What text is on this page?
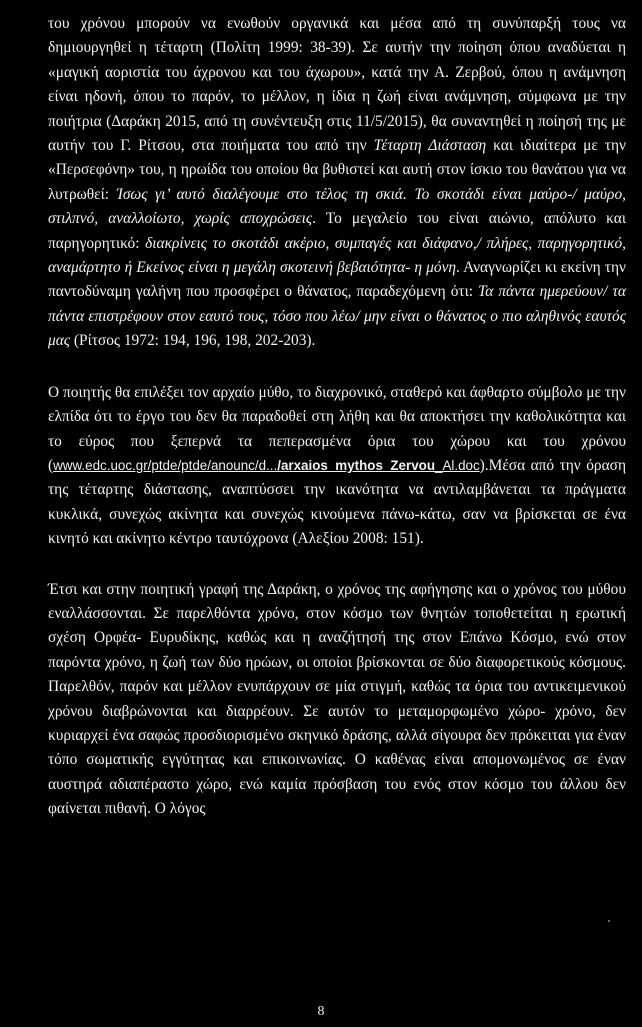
του χρόνου μπορούν να ενωθούν οργανικά και μέσα από τη συνύπαρξή τους να δημιουργηθεί η τέταρτη (Πολίτη 1999: 38-39). Σε αυτήν την ποίηση όπου αναδύεται η «μαγική αοριστία του άχρονου και του άχωρου», κατά την Α. Ζερβού, όπου η ανάμνηση είναι ηδονή, όπου το παρόν, το μέλλον, η ίδια η ζωή είναι ανάμνηση, σύμφωνα με την ποιήτρια (Δαράκη 2015, από τη συνέντευξη στις 11/5/2015), θα συναντηθεί η ποίησή της με αυτήν του Γ. Ρίτσου, στα ποιήματα του από την Τέταρτη Διάσταση και ιδιαίτερα με την «Περσεφόνη» του, η ηρωίδα του οποίου θα βυθιστεί και αυτή στον ίσκιο του θανάτου για να λυτρωθεί: Ίσως γι’ αυτό διαλέγουμε στο τέλος τη σκιά. Το σκοτάδι είναι μαύρο-/ μαύρο, στιλπνό, αναλλοίωτο, χωρίς αποχρώσεις. Το μεγαλείο του είναι αιώνιο, απόλυτο και παρηγορητικό: διακρίνεις το σκοτάδι ακέριο, συμπαγές και διάφανο,/ πλήρες, παρηγορητικό, αναμάρτητο ή Εκείνος είναι η μεγάλη σκοτεινή βεβαιότητα- η μόνη. Αναγνωρίζει κι εκείνη την παντοδύναμη γαλήνη που προσφέρει ο θάνατος, παραδεχόμενη ότι: Τα πάντα ημερεύουν/ τα πάντα επιστρέφουν στον εαυτό τους, τόσο που λέω/ μην είναι ο θάνατος ο πιο αληθινός εαυτός μας (Ρίτσος 1972: 194, 196, 198, 202-203).

Ο ποιητής θα επιλέξει τον αρχαίο μύθο, το διαχρονικό, σταθερό και άφθαρτο σύμβολο με την ελπίδα ότι το έργο του δεν θα παραδοθεί στη λήθη και θα αποκτήσει την καθολικότητα και το εύρος που ξεπερνά τα πεπερασμένα όρια του χώρου και του χρόνου (www.edc.uoc.gr/ptde/ptde/anounc/d.../arxaios_mythos_Zervou_Al.doc).Μέσα από την όραση της τέταρτης διάστασης, αναπτύσσει την ικανότητα να αντιλαμβάνεται τα πράγματα κυκλικά, συνεχώς ακίνητα και συνεχώς κινούμενα πάνω-κάτω, σαν να βρίσκεται σε ένα κινητό και ακίνητο κέντρο ταυτόχρονα (Αλεξίου 2008: 151).

Έτσι και στην ποιητική γραφή της Δαράκη, ο χρόνος της αφήγησης και ο χρόνος του μύθου εναλλάσσονται. Σε παρελθόντα χρόνο, στον κόσμο των θνητών τοποθετείται η ερωτική σχέση Ορφέα- Ευρυδίκης, καθώς και η αναζήτησή της στον Επάνω Κόσμο, ενώ στον παρόντα χρόνο, η ζωή των δύο ηρώων, οι οποίοι βρίσκονται σε δύο διαφορετικούς κόσμους. Παρελθόν, παρόν και μέλλον ενυπάρχουν σε μία στιγμή, καθώς τα όρια του αντικειμενικού χρόνου διαβρώνονται και διαρρέουν. Σε αυτόν το μεταμορφωμένο χώρο- χρόνο, δεν κυριαρχεί ένα σαφώς προσδιορισμένο σκηνικό δράσης, αλλά σίγουρα δεν πρόκειται για έναν τόπο σωματικής εγγύτητας και επικοινωνίας. Ο καθένας είναι απομονωμένος σε έναν αυστηρά αδιαπέραστο χώρο, ενώ καμία πρόσβαση του ενός στον κόσμο του άλλου δεν φαίνεται πιθανή. Ο λόγος

8
